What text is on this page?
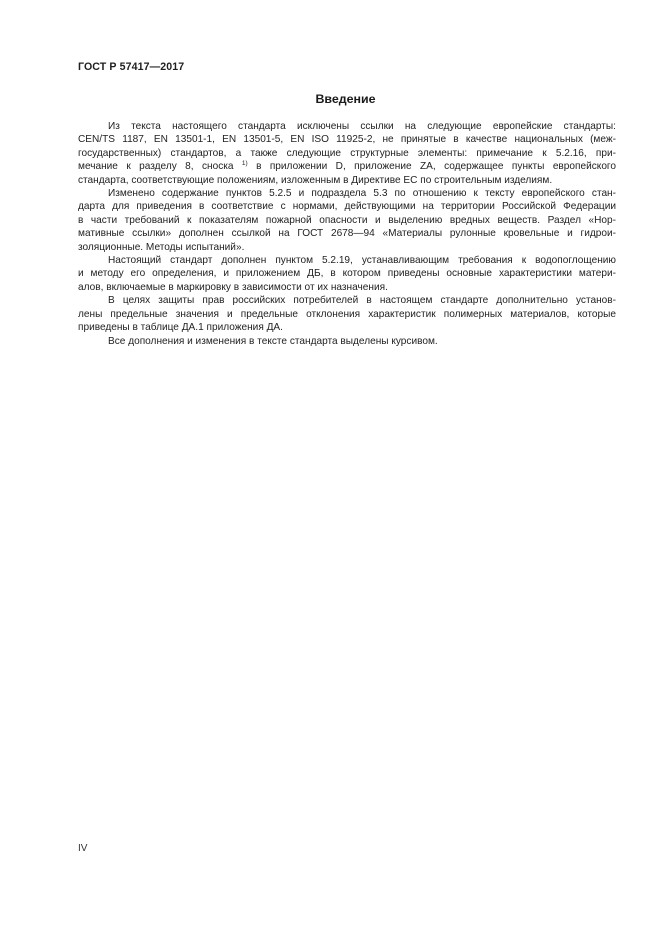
ГОСТ Р 57417—2017
Введение

Из текста настоящего стандарта исключены ссылки на следующие европейские стандарты:
CEN/TS 1187, EN 13501-1, EN 13501-5, EN ISO 11925-2, не принятые в качестве национальных (меж-
государственных) стандартов, а также следующие структурные элементы: примечание к 5.2.16, при-
мечание к разделу 8, сноска $^{1)}$ в приложении D, приложение ZA, содержащее пункты европейского
стандарта, соответствующие положениям, изложенным в Директиве ЕС по строительным изделиям.

Изменено содержание пунктов 5.2.5 и подраздела 5.3 по отношению к тексту европейского стан-
дарта для приведения в соответствие с нормами, действующими на территории Российской Федерации
в части требований к показателям пожарной опасности и выделению вредных веществ. Раздел «Нор-
мативные ссылки» дополнен ссылкой на ГОСТ 2678—94 «Материалы рулонные кровельные и гидрои-
золяционные. Методы испытаний».

Настоящий стандарт дополнен пунктом 5.2.19, устанавливающим требования к водопоглощению
и методу его определения, и приложением ДБ, в котором приведены основные характеристики матери-
алов, включаемые в маркировку в зависимости от их назначения.

В целях защиты прав российских потребителей в настоящем стандарте дополнительно установ-
лены предельные значения и предельные отклонения характеристик полимерных материалов, которые
приведены в таблице ДА.1 приложения ДА.

Все дополнения и изменения в тексте стандарта выделены курсивом.

IV
